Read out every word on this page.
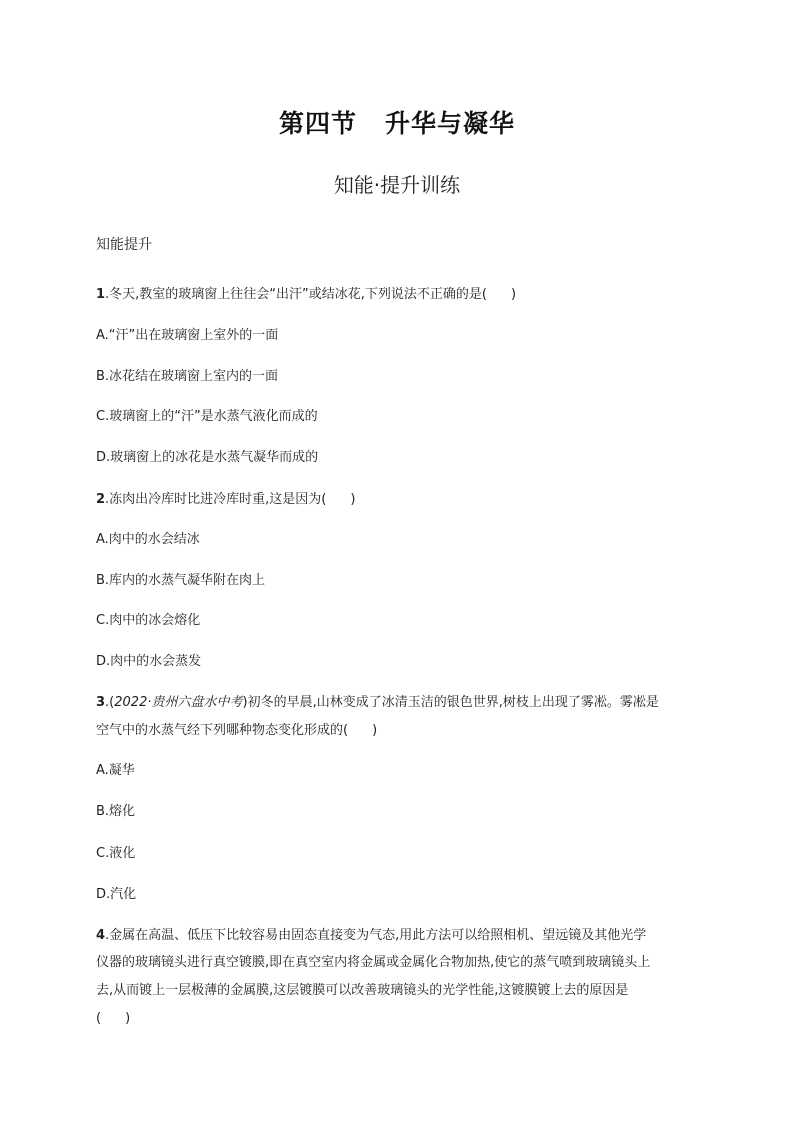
第四节 升华与凝华
知能·提升训练
知能提升
1.冬天,教室的玻璃窗上往往会“出汗”或结冰花,下列说法不正确的是( )
A.“汗”出在玻璃窗上室外的一面
B.冰花结在玻璃窗上室内的一面
C.玻璃窗上的“汗”是水蒸气液化而成的
D.玻璃窗上的冰花是水蒸气凝华而成的
2.冻肉出冷库时比进冷库时重,这是因为( )
A.肉中的水会结冰
B.库内的水蒸气凝华附在肉上
C.肉中的冰会熔化
D.肉中的水会蒸发
3.(2022·贵州六盘水中考)初冬的早晨,山林变成了冰清玉洁的银色世界,树枝上出现了雾凇。雾凇是
空气中的水蒸气经下列哪种物态变化形成的( )
A.凝华
B.熔化
C.液化
D.汽化
4.金属在高温、低压下比较容易由固态直接变为气态,用此方法可以给照相机、望远镜及其他光学
仪器的玻璃镜头进行真空镀膜,即在真空室内将金属或金属化合物加热,使它的蒸气喷到玻璃镜头上
去,从而镀上一层极薄的金属膜,这层镀膜可以改善玻璃镜头的光学性能,这镀膜镀上去的原因是
( )
